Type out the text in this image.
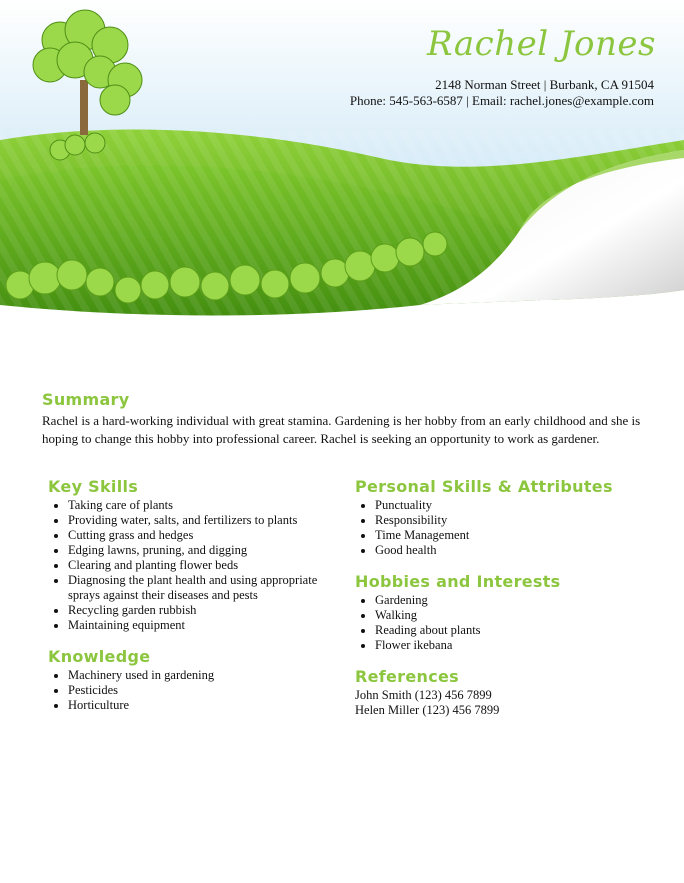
Rachel Jones
2148 Norman Street | Burbank, CA 91504
Phone: 545-563-6587 | Email: rachel.jones@example.com
Summary

Rachel is a hard-working individual with great stamina. Gardening is her hobby from an early childhood and she is hoping to change this hobby into professional career. Rachel is seeking an opportunity to work as gardener.

Key Skills
• Taking care of plants
• Providing water, salts, and fertilizers to plants
• Cutting grass and hedges
• Edging lawns, pruning, and digging
• Clearing and planting flower beds
• Diagnosing the plant health and using appropriate sprays against their diseases and pests
• Recycling garden rubbish
• Maintaining equipment
Knowledge
• Machinery used in gardening
• Pesticides
• Horticulture
Personal Skills & Attributes
• Punctuality
• Responsibility
• Time Management
• Good health
Hobbies and Interests
• Gardening
• Walking
• Reading about plants
• Flower ikebana
References
John Smith (123) 456 7899
Helen Miller (123) 456 7899
